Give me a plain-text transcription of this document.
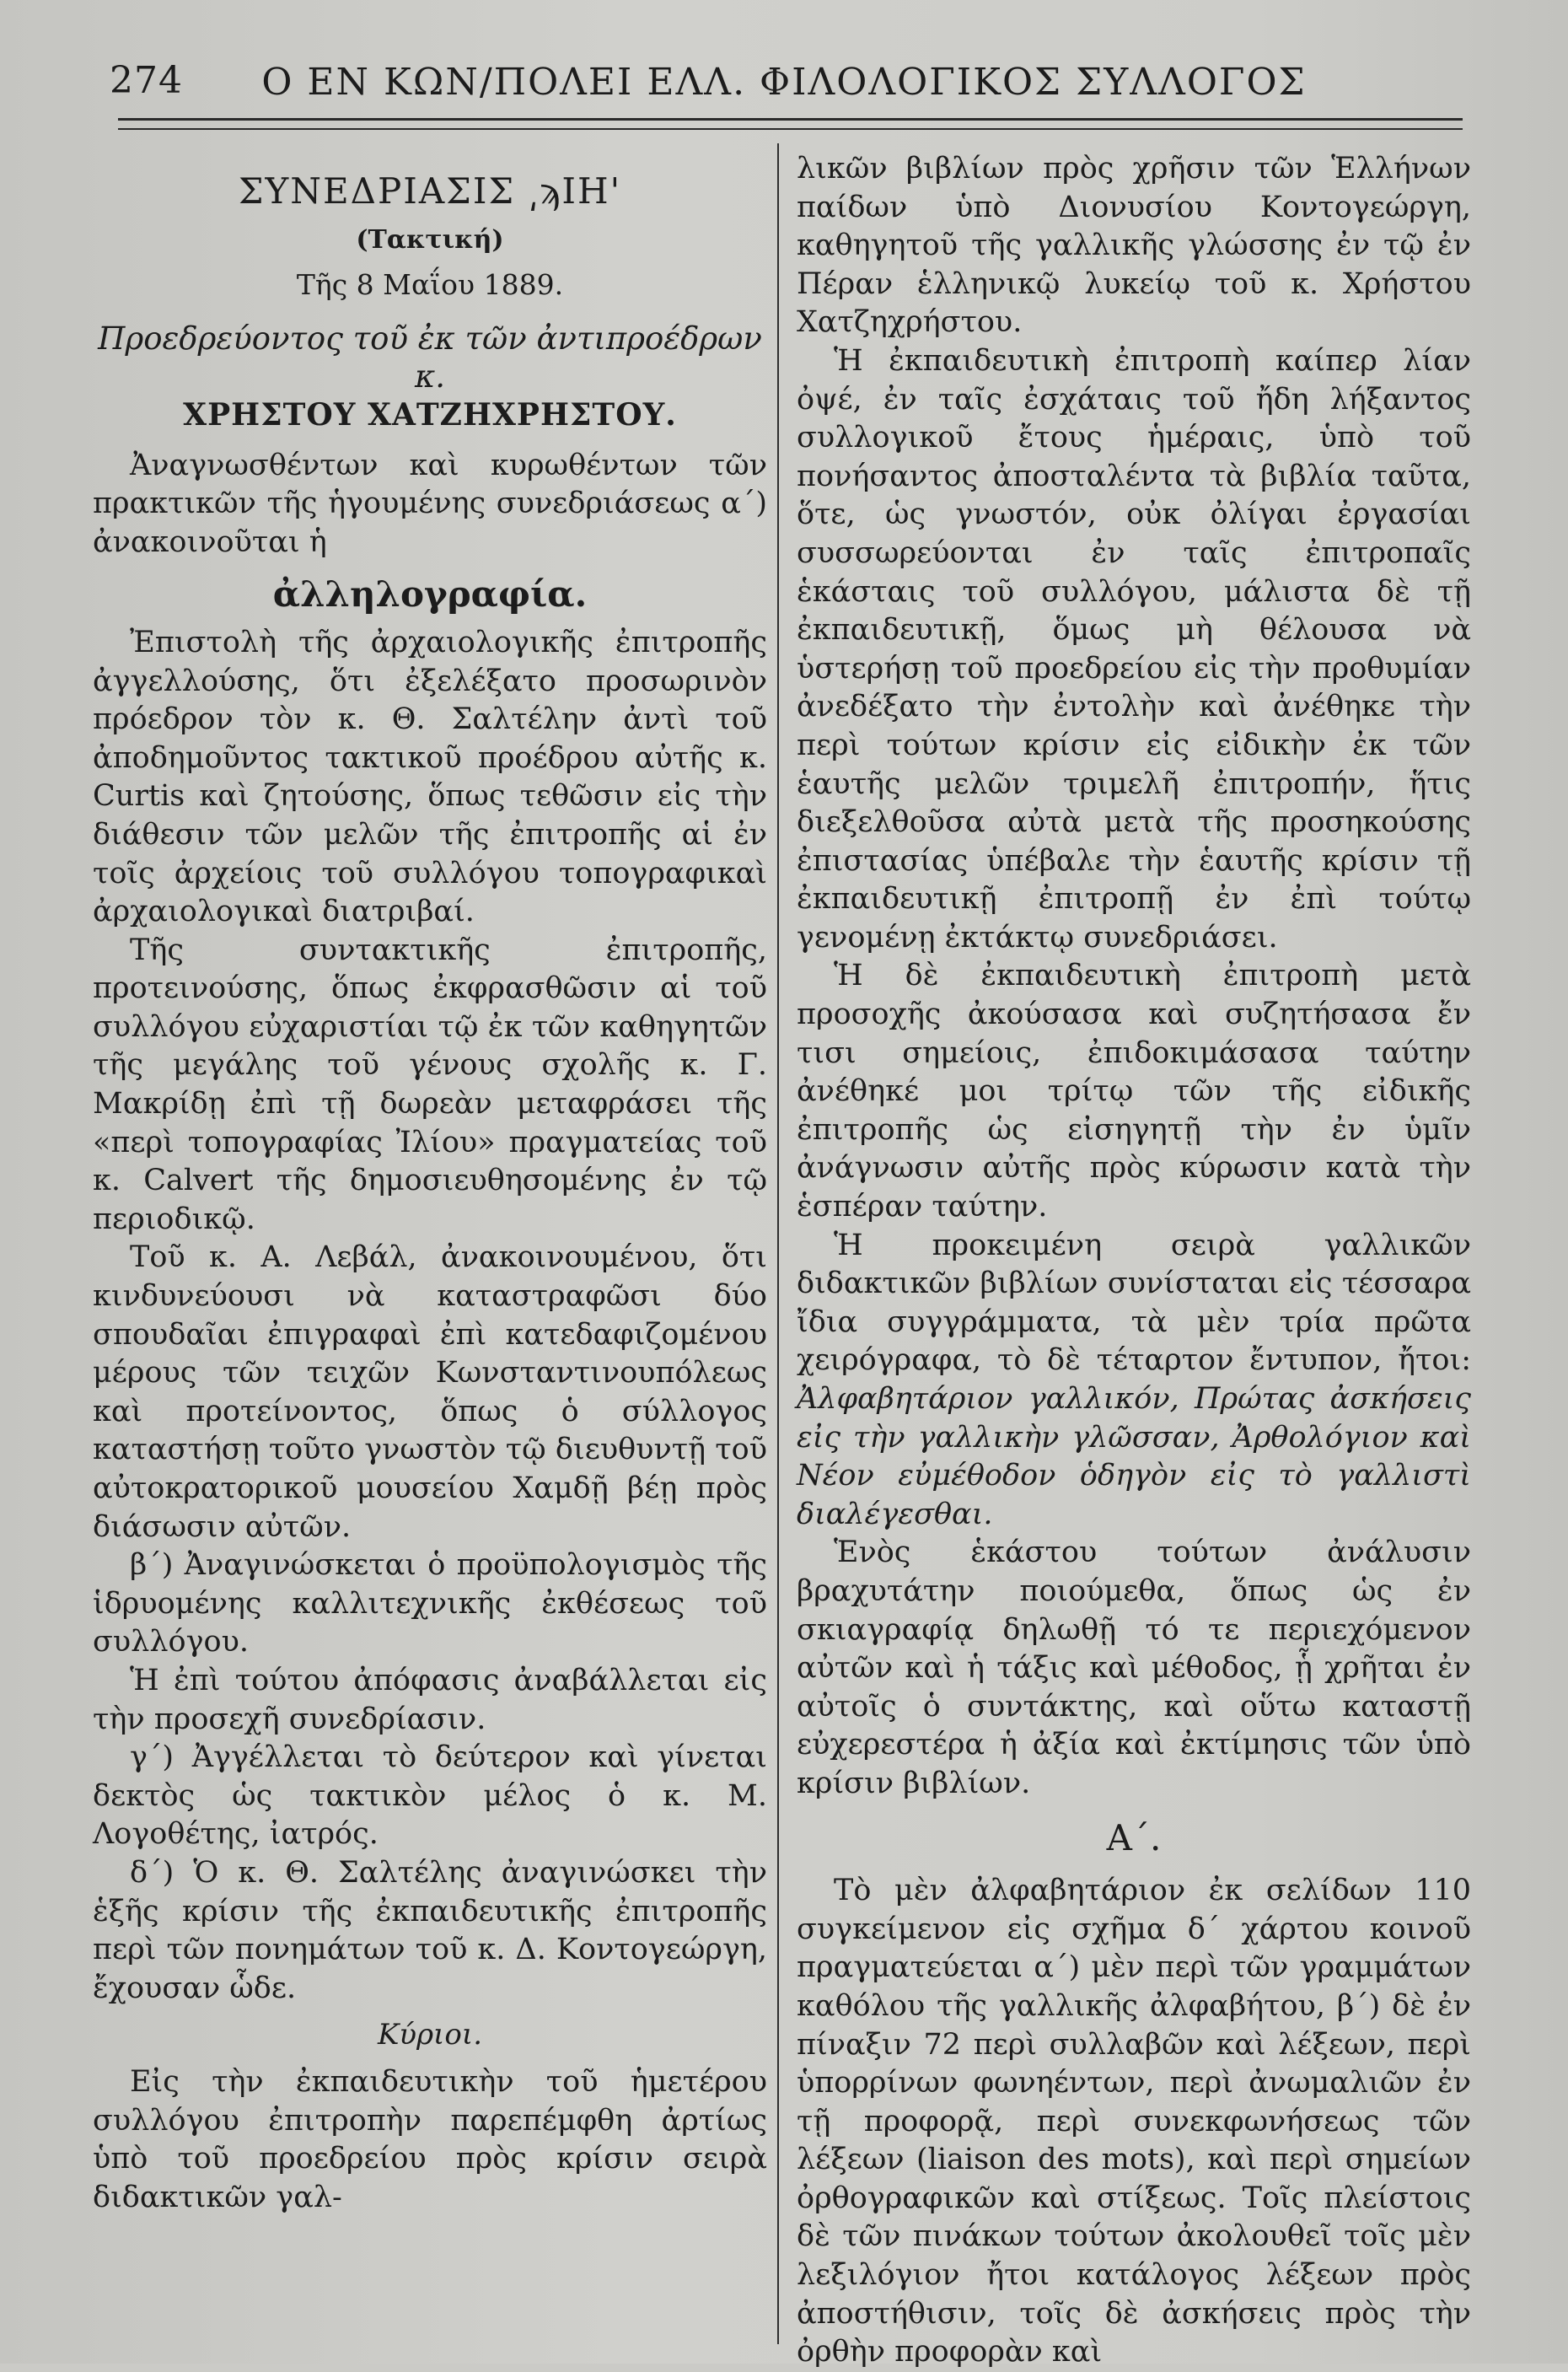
274	Ο ΕΝ ΚΩΝ/ΠΟΛΕΙ ΕΛΛ. ΦΙΛΟΛΟΓΙΚΟΣ ΣΥΛΛΟΓΟΣ

ΣΥΝΕΔΡΙΑΣΙΣ ͵ϡΙΗ'

(Τακτική)

Τῆς 8 Μαΐου 1889.

Προεδρεύοντος τοῦ ἐκ τῶν ἀντιπροέδρων κ.

ΧΡΗΣΤΟΥ ΧΑΤΖΗΧΡΗΣΤΟΥ.

Ἀναγνωσθέντων καὶ κυρωθέντων τῶν πρακτικῶν τῆς ἡγουμένης συνεδριάσεως α΄) ἀνακοινοῦται ἡ

ἀλληλογραφία.

Ἐπιστολὴ τῆς ἀρχαιολογικῆς ἐπιτροπῆς ἀγγελλούσης, ὅτι ἐξελέξατο προσωρινὸν πρόεδρον τὸν κ. Θ. Σαλτέλην ἀντὶ τοῦ ἀποδημοῦντος τακτικοῦ προέδρου αὐτῆς κ. Curtis καὶ ζητούσης, ὅπως τεθῶσιν εἰς τὴν διάθεσιν τῶν μελῶν τῆς ἐπιτροπῆς αἱ ἐν τοῖς ἀρχείοις τοῦ συλλόγου τοπογραφικαὶ ἀρχαιολογικαὶ διατριβαί.

Τῆς συντακτικῆς ἐπιτροπῆς, προτεινούσης, ὅπως ἐκφρασθῶσιν αἱ τοῦ συλλόγου εὐχαριστίαι τῷ ἐκ τῶν καθηγητῶν τῆς μεγάλης τοῦ γένους σχολῆς κ. Γ. Μακρίδῃ ἐπὶ τῇ δωρεὰν μεταφράσει τῆς «περὶ τοπογραφίας Ἰλίου» πραγματείας τοῦ κ. Calvert τῆς δημοσιευθησομένης ἐν τῷ περιοδικῷ.

Τοῦ κ. Α. Λεβάλ, ἀνακοινουμένου, ὅτι κινδυνεύουσι νὰ καταστραφῶσι δύο σπουδαῖαι ἐπιγραφαὶ ἐπὶ κατεδαφιζομένου μέρους τῶν τειχῶν Κωνσταντινουπόλεως καὶ προτείνοντος, ὅπως ὁ σύλλογος καταστήσῃ τοῦτο γνωστὸν τῷ διευθυντῇ τοῦ αὐτοκρατορικοῦ μουσείου Χαμδῇ βέῃ πρὸς διάσωσιν αὐτῶν.

β΄) Ἀναγινώσκεται ὁ προϋπολογισμὸς τῆς ἱδρυομένης καλλιτεχνικῆς ἐκθέσεως τοῦ συλλόγου.

Ἡ ἐπὶ τούτου ἀπόφασις ἀναβάλλεται εἰς τὴν προσεχῆ συνεδρίασιν.

γ΄) Ἀγγέλλεται τὸ δεύτερον καὶ γίνεται δεκτὸς ὡς τακτικὸν μέλος ὁ κ. Μ. Λογοθέτης, ἰατρός.

δ΄) Ὁ κ. Θ. Σαλτέλης ἀναγινώσκει τὴν ἑξῆς κρίσιν τῆς ἐκπαιδευτικῆς ἐπιτροπῆς περὶ τῶν πονημάτων τοῦ κ. Δ. Κοντογεώργη, ἔχουσαν ὧδε.

Κύριοι.

Εἰς τὴν ἐκπαιδευτικὴν τοῦ ἡμετέρου συλλόγου ἐπιτροπὴν παρεπέμφθη ἀρτίως ὑπὸ τοῦ προεδρείου πρὸς κρίσιν σειρὰ διδακτικῶν γαλ-

λικῶν βιβλίων πρὸς χρῆσιν τῶν Ἑλλήνων παίδων ὑπὸ Διονυσίου Κοντογεώργη, καθηγητοῦ τῆς γαλλικῆς γλώσσης ἐν τῷ ἐν Πέραν ἑλληνικῷ λυκείῳ τοῦ κ. Χρήστου Χατζηχρήστου.

Ἡ ἐκπαιδευτικὴ ἐπιτροπὴ καίπερ λίαν ὀψέ, ἐν ταῖς ἐσχάταις τοῦ ἤδη λήξαντος συλλογικοῦ ἔτους ἡμέραις, ὑπὸ τοῦ πονήσαντος ἀποσταλέντα τὰ βιβλία ταῦτα, ὅτε, ὡς γνωστόν, οὐκ ὀλίγαι ἐργασίαι συσσωρεύονται ἐν ταῖς ἐπιτροπαῖς ἑκάσταις τοῦ συλλόγου, μάλιστα δὲ τῇ ἐκπαιδευτικῇ, ὅμως μὴ θέλουσα νὰ ὑστερήσῃ τοῦ προεδρείου εἰς τὴν προθυμίαν ἀνεδέξατο τὴν ἐντολὴν καὶ ἀνέθηκε τὴν περὶ τούτων κρίσιν εἰς εἰδικὴν ἐκ τῶν ἑαυτῆς μελῶν τριμελῆ ἐπιτροπήν, ἥτις διεξελθοῦσα αὐτὰ μετὰ τῆς προσηκούσης ἐπιστασίας ὑπέβαλε τὴν ἑαυτῆς κρίσιν τῇ ἐκπαιδευτικῇ ἐπιτροπῇ ἐν ἐπὶ τούτῳ γενομένῃ ἐκτάκτῳ συνεδριάσει.

Ἡ δὲ ἐκπαιδευτικὴ ἐπιτροπὴ μετὰ προσοχῆς ἀκούσασα καὶ συζητήσασα ἔν τισι σημείοις, ἐπιδοκιμάσασα ταύτην ἀνέθηκέ μοι τρίτῳ τῶν τῆς εἰδικῆς ἐπιτροπῆς ὡς εἰσηγητῇ τὴν ἐν ὑμῖν ἀνάγνωσιν αὐτῆς πρὸς κύρωσιν κατὰ τὴν ἑσπέραν ταύτην.

Ἡ προκειμένη σειρὰ γαλλικῶν διδακτικῶν βιβλίων συνίσταται εἰς τέσσαρα ἴδια συγγράμματα, τὰ μὲν τρία πρῶτα χειρόγραφα, τὸ δὲ τέταρτον ἔντυπον, ἤτοι: Ἀλφαβητάριον γαλλικόν, Πρώτας ἀσκήσεις εἰς τὴν γαλλικὴν γλῶσσαν, Ἀρθολόγιον καὶ Νέον εὐμέθοδον ὁδηγὸν εἰς τὸ γαλλιστὶ διαλέγεσθαι.

Ἑνὸς ἑκάστου τούτων ἀνάλυσιν βραχυτάτην ποιούμεθα, ὅπως ὡς ἐν σκιαγραφίᾳ δηλωθῇ τό τε περιεχόμενον αὐτῶν καὶ ἡ τάξις καὶ μέθοδος, ᾗ χρῆται ἐν αὐτοῖς ὁ συντάκτης, καὶ οὕτω καταστῇ εὐχερεστέρα ἡ ἀξία καὶ ἐκτίμησις τῶν ὑπὸ κρίσιν βιβλίων.

Α΄.

Τὸ μὲν ἀλφαβητάριον ἐκ σελίδων 110 συγκείμενον εἰς σχῆμα δ΄ χάρτου κοινοῦ πραγματεύεται α΄) μὲν περὶ τῶν γραμμάτων καθόλου τῆς γαλλικῆς ἀλφαβήτου, β΄) δὲ ἐν πίναξιν 72 περὶ συλλαβῶν καὶ λέξεων, περὶ ὑπορρίνων φωνηέντων, περὶ ἀνωμαλιῶν ἐν τῇ προφορᾷ, περὶ συνεκφωνήσεως τῶν λέξεων (liaison des mots), καὶ περὶ σημείων ὀρθογραφικῶν καὶ στίξεως. Τοῖς πλείστοις δὲ τῶν πινάκων τούτων ἀκολουθεῖ τοῖς μὲν λεξιλόγιον ἤτοι κατάλογος λέξεων πρὸς ἀποστήθισιν, τοῖς δὲ ἀσκήσεις πρὸς τὴν ὀρθὴν προφορὰν καὶ
